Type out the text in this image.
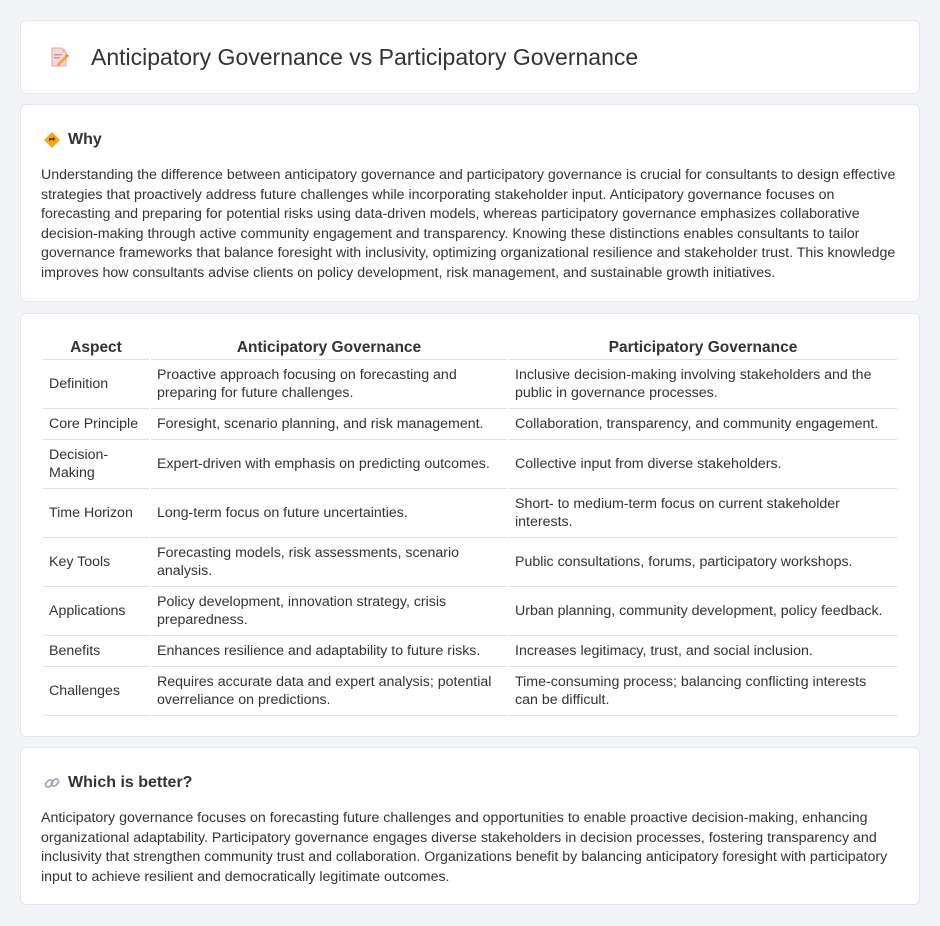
Anticipatory Governance vs Participatory Governance
Why

Understanding the difference between anticipatory governance and participatory governance is crucial for consultants to design effective strategies that proactively address future challenges while incorporating stakeholder input. Anticipatory governance focuses on forecasting and preparing for potential risks using data-driven models, whereas participatory governance emphasizes collaborative decision-making through active community engagement and transparency. Knowing these distinctions enables consultants to tailor governance frameworks that balance foresight with inclusivity, optimizing organizational resilience and stakeholder trust. This knowledge improves how consultants advise clients on policy development, risk management, and sustainable growth initiatives.

Aspect	Anticipatory Governance	Participatory Governance
Definition	Proactive approach focusing on forecasting and preparing for future challenges.	Inclusive decision-making involving stakeholders and the public in governance processes.
Core Principle	Foresight, scenario planning, and risk management.	Collaboration, transparency, and community engagement.
Decision-Making	Expert-driven with emphasis on predicting outcomes.	Collective input from diverse stakeholders.
Time Horizon	Long-term focus on future uncertainties.	Short- to medium-term focus on current stakeholder interests.
Key Tools	Forecasting models, risk assessments, scenario analysis.	Public consultations, forums, participatory workshops.
Applications	Policy development, innovation strategy, crisis preparedness.	Urban planning, community development, policy feedback.
Benefits	Enhances resilience and adaptability to future risks.	Increases legitimacy, trust, and social inclusion.
Challenges	Requires accurate data and expert analysis; potential overreliance on predictions.	Time-consuming process; balancing conflicting interests can be difficult.
Which is better?

Anticipatory governance focuses on forecasting future challenges and opportunities to enable proactive decision-making, enhancing organizational adaptability. Participatory governance engages diverse stakeholders in decision processes, fostering transparency and inclusivity that strengthen community trust and collaboration. Organizations benefit by balancing anticipatory foresight with participatory input to achieve resilient and democratically legitimate outcomes.
